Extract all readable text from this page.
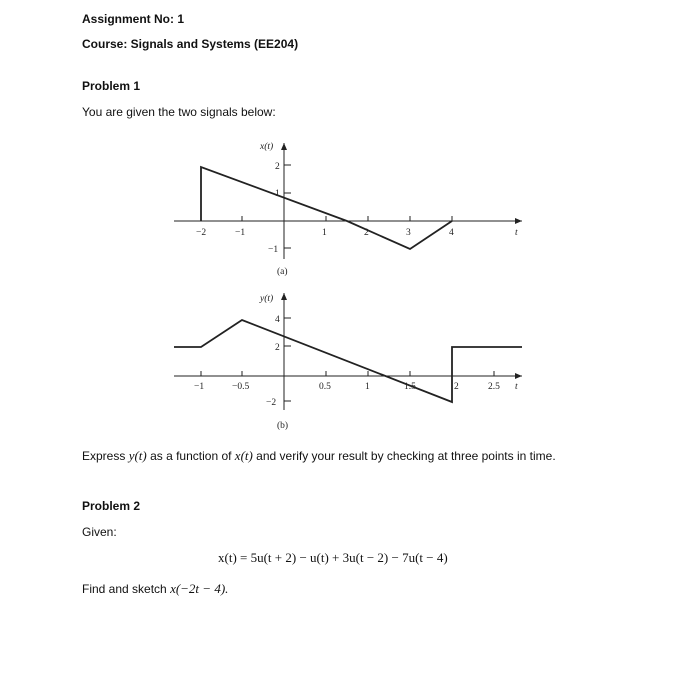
Assignment No: 1
Course: Signals and Systems (EE204)
Problem 1
You are given the two signals below:
−2	−1	1	2	3	4
2
1
−1
x(t)
t
(a)
−1	−0.5	0.5	1	1.5	2	2.5
4
2
−2
y(t)
t
(b)
Express y(t) as a function of x(t) and verify your result by checking at three points in time.
Problem 2
Given:
x(t) = 5u(t + 2) − u(t) + 3u(t − 2) − 7u(t − 4)
Find and sketch x(−2t − 4).
